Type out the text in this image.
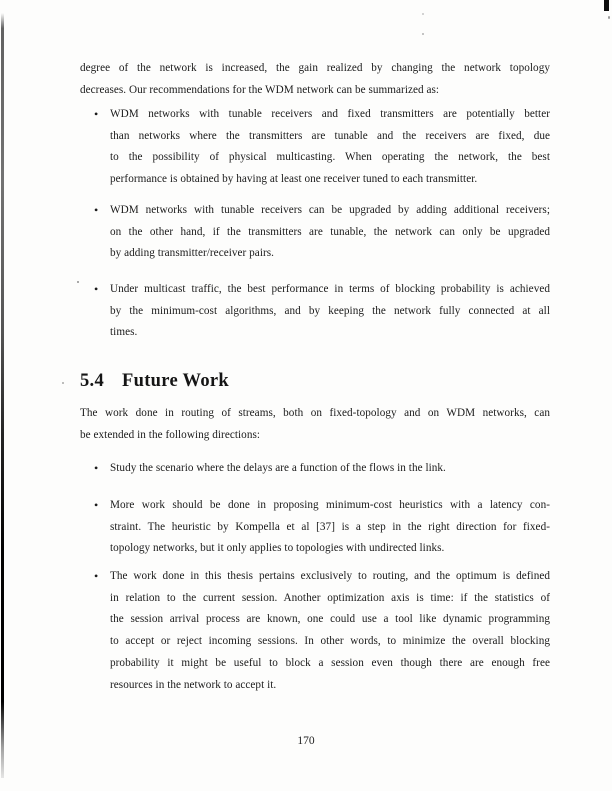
degree of the network is increased, the gain realized by changing the network topology
decreases. Our recommendations for the WDM network can be summarized as:
• WDM networks with tunable receivers and fixed transmitters are potentially better
than networks where the transmitters are tunable and the receivers are fixed, due
to the possibility of physical multicasting. When operating the network, the best
performance is obtained by having at least one receiver tuned to each transmitter.
• WDM networks with tunable receivers can be upgraded by adding additional receivers;
on the other hand, if the transmitters are tunable, the network can only be upgraded
by adding transmitter/receiver pairs.
• Under multicast traffic, the best performance in terms of blocking probability is achieved
by the minimum-cost algorithms, and by keeping the network fully connected at all
times.
5.4 Future Work
The work done in routing of streams, both on fixed-topology and on WDM networks, can
be extended in the following directions:
• Study the scenario where the delays are a function of the flows in the link.
• More work should be done in proposing minimum-cost heuristics with a latency con-
straint. The heuristic by Kompella et al [37] is a step in the right direction for fixed-
topology networks, but it only applies to topologies with undirected links.
• The work done in this thesis pertains exclusively to routing, and the optimum is defined
in relation to the current session. Another optimization axis is time: if the statistics of
the session arrival process are known, one could use a tool like dynamic programming
to accept or reject incoming sessions. In other words, to minimize the overall blocking
probability it might be useful to block a session even though there are enough free
resources in the network to accept it.
170
